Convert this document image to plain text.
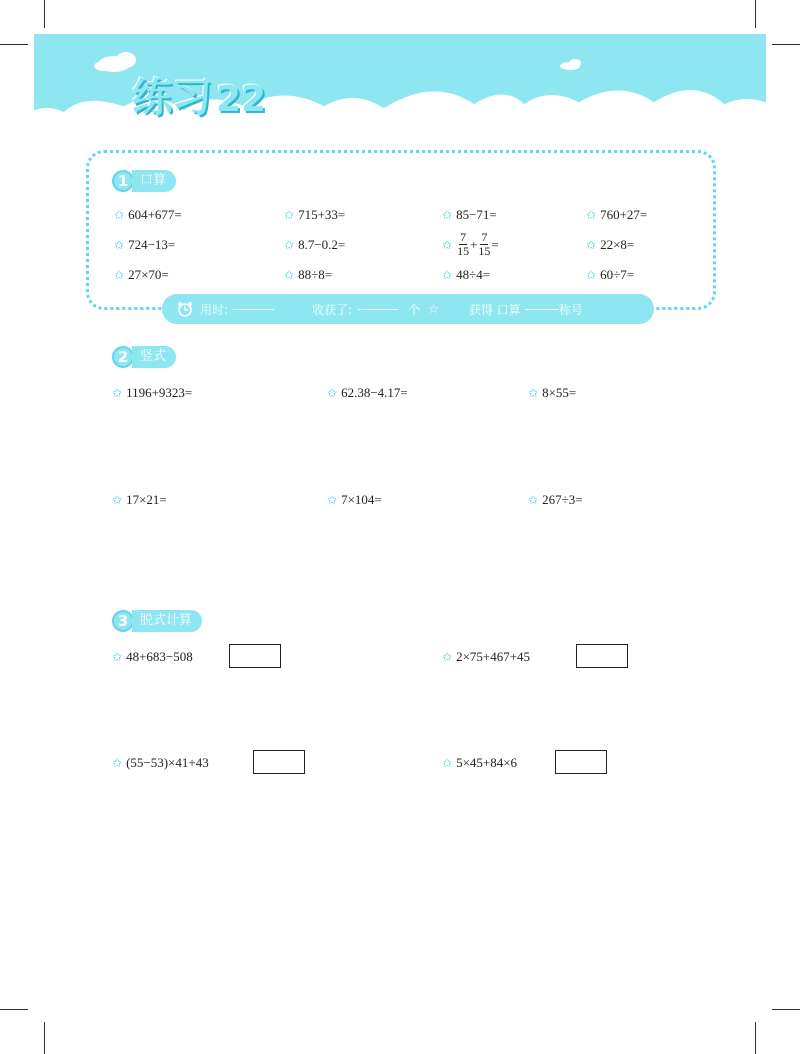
练习 22
1 口算
✩ 604+677=	✩ 715+33=	✩ 85−71=	✩ 760+27=
✩ 724−13=	✩ 8.7−0.2=	✩ $\frac{7}{15} + \frac{7}{15}$ =	✩ 22×8=
✩ 27×70=	✩ 88÷8=	✩ 48÷4=	✩ 60÷7=
用时:	收获了:	个 ☆	获得 口算	称号
2 竖式
✩ 1196+9323=	✩ 62.38−4.17=	✩ 8×55=
✩ 17×21=	✩ 7×104=	✩ 267÷3=
3 脱式计算
✩ 48+683−508	✩ 2×75+467+45
✩ (55−53)×41+43	✩ 5×45+84×6
